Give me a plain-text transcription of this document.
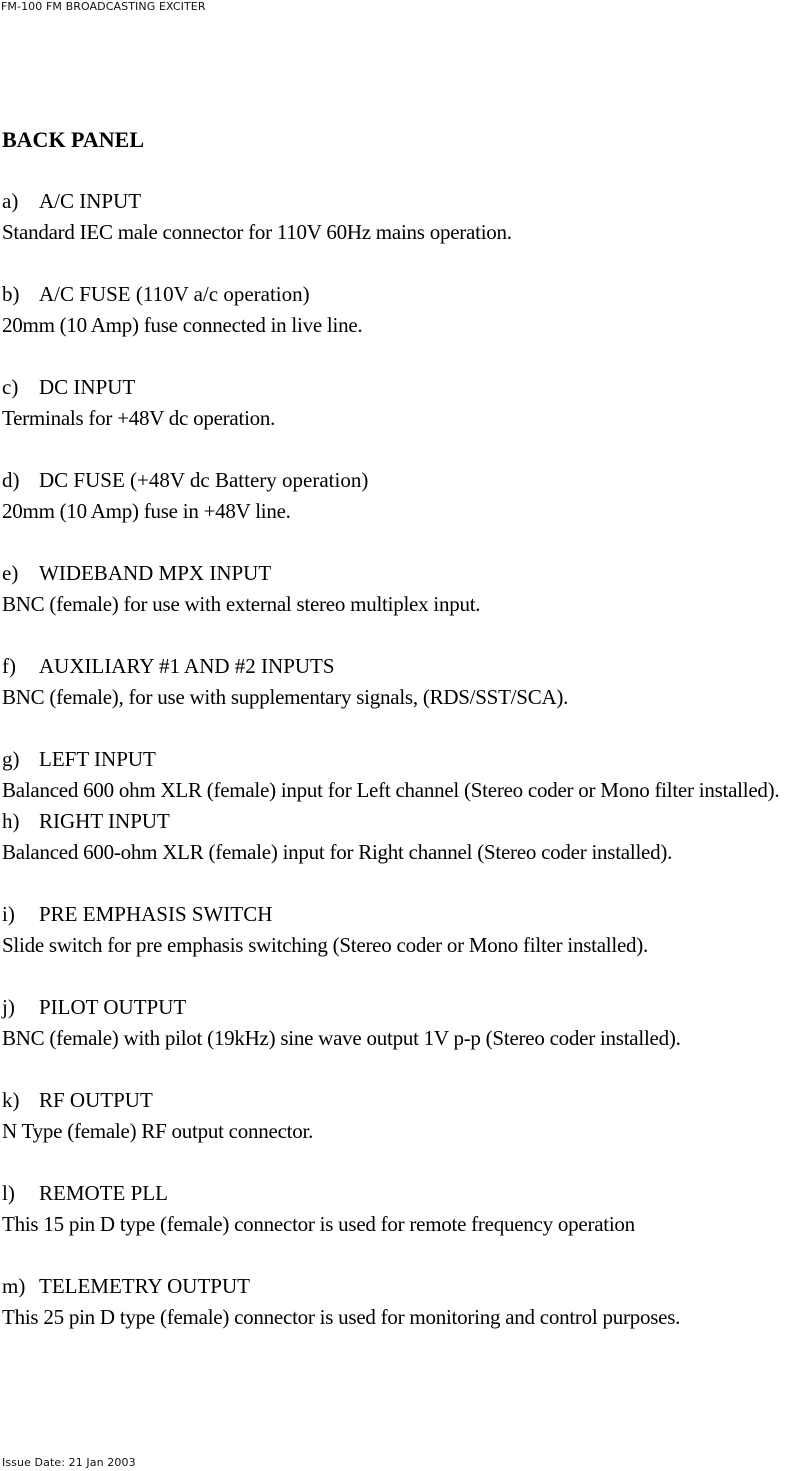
FM-100 FM BROADCASTING EXCITER
BACK PANEL
a) A/C INPUT
Standard IEC male connector for 110V 60Hz mains operation.
b) A/C FUSE (110V a/c operation)
20mm (10 Amp) fuse connected in live line.
c) DC INPUT
Terminals for +48V dc operation.
d) DC FUSE (+48V dc Battery operation)
20mm (10 Amp) fuse in +48V line.
e) WIDEBAND MPX INPUT
BNC (female) for use with external stereo multiplex input.
f) AUXILIARY #1 AND #2 INPUTS
BNC (female), for use with supplementary signals, (RDS/SST/SCA).
g) LEFT INPUT
Balanced 600 ohm XLR (female) input for Left channel (Stereo coder or Mono filter installed).
h) RIGHT INPUT
Balanced 600-ohm XLR (female) input for Right channel (Stereo coder installed).
i) PRE EMPHASIS SWITCH
Slide switch for pre emphasis switching (Stereo coder or Mono filter installed).
j) PILOT OUTPUT
BNC (female) with pilot (19kHz) sine wave output 1V p-p (Stereo coder installed).
k) RF OUTPUT
N Type (female) RF output connector.
l) REMOTE PLL
This 15 pin D type (female) connector is used for remote frequency operation
m) TELEMETRY OUTPUT
This 25 pin D type (female) connector is used for monitoring and control purposes.
Issue Date: 21 Jan 2003
